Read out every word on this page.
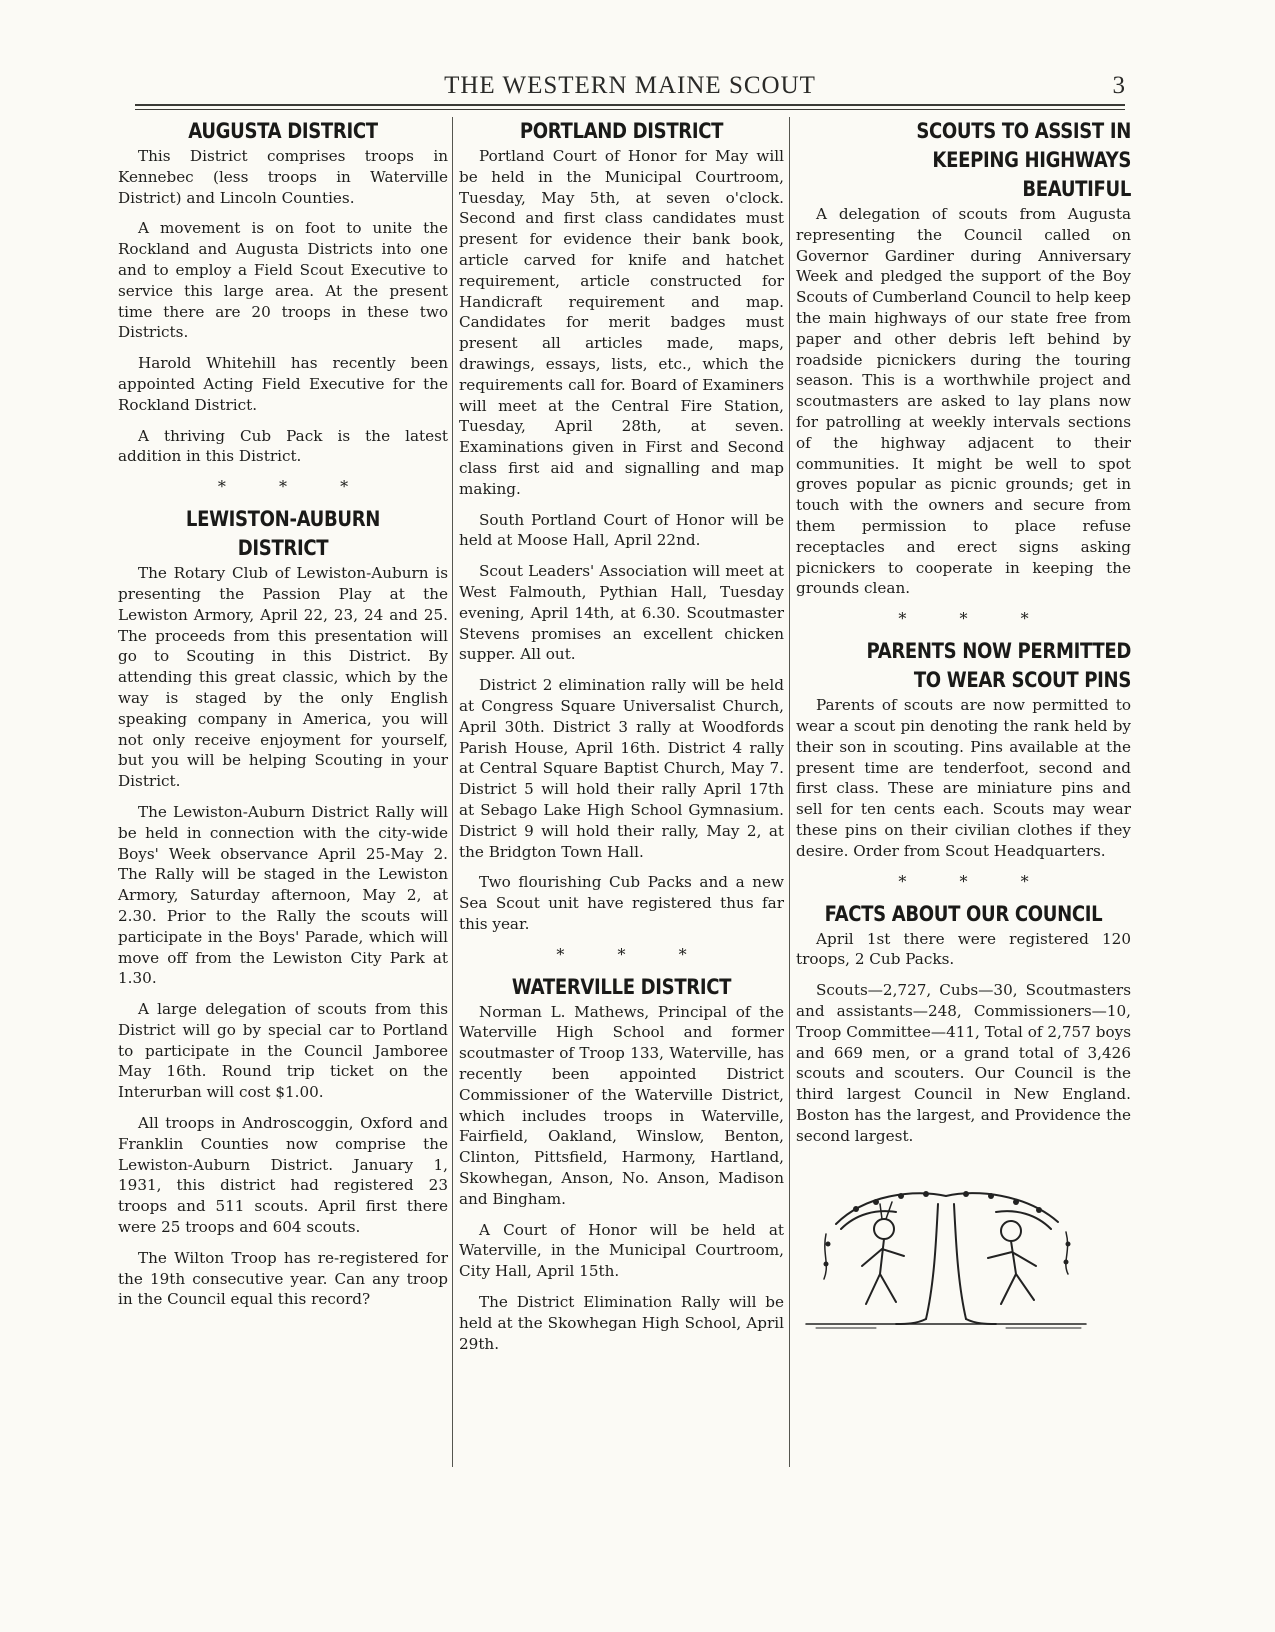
THE WESTERN MAINE SCOUT	3
AUGUSTA DISTRICT

This District comprises troops in Kennebec (less troops in Waterville District) and Lincoln Counties.

A movement is on foot to unite the Rockland and Augusta Districts into one and to employ a Field Scout Executive to service this large area. At the present time there are 20 troops in these two Districts.

Harold Whitehill has recently been appointed Acting Field Executive for the Rockland District.

A thriving Cub Pack is the latest addition in this District.

* * *
LEWISTON-AUBURN DISTRICT

The Rotary Club of Lewiston-Auburn is presenting the Passion Play at the Lewiston Armory, April 22, 23, 24 and 25. The proceeds from this presentation will go to Scouting in this District. By attending this great classic, which by the way is staged by the only English speaking company in America, you will not only receive enjoyment for yourself, but you will be helping Scouting in your District.

The Lewiston-Auburn District Rally will be held in connection with the city-wide Boys' Week observance April 25-May 2. The Rally will be staged in the Lewiston Armory, Saturday afternoon, May 2, at 2.30. Prior to the Rally the scouts will participate in the Boys' Parade, which will move off from the Lewiston City Park at 1.30.

A large delegation of scouts from this District will go by special car to Portland to participate in the Council Jamboree May 16th. Round trip ticket on the Interurban will cost $1.00.

All troops in Androscoggin, Oxford and Franklin Counties now comprise the Lewiston-Auburn District. January 1, 1931, this district had registered 23 troops and 511 scouts. April first there were 25 troops and 604 scouts.

The Wilton Troop has re-registered for the 19th consecutive year. Can any troop in the Council equal this record?

PORTLAND DISTRICT

Portland Court of Honor for May will be held in the Municipal Courtroom, Tuesday, May 5th, at seven o'clock. Second and first class candidates must present for evidence their bank book, article carved for knife and hatchet requirement, article constructed for Handicraft requirement and map. Candidates for merit badges must present all articles made, maps, drawings, essays, lists, etc., which the requirements call for. Board of Examiners will meet at the Central Fire Station, Tuesday, April 28th, at seven. Examinations given in First and Second class first aid and signalling and map making.

South Portland Court of Honor will be held at Moose Hall, April 22nd.

Scout Leaders' Association will meet at West Falmouth, Pythian Hall, Tuesday evening, April 14th, at 6.30. Scoutmaster Stevens promises an excellent chicken supper. All out.

District 2 elimination rally will be held at Congress Square Universalist Church, April 30th. District 3 rally at Woodfords Parish House, April 16th. District 4 rally at Central Square Baptist Church, May 7. District 5 will hold their rally April 17th at Sebago Lake High School Gymnasium. District 9 will hold their rally, May 2, at the Bridgton Town Hall.

Two flourishing Cub Packs and a new Sea Scout unit have registered thus far this year.

* * *
WATERVILLE DISTRICT

Norman L. Mathews, Principal of the Waterville High School and former scoutmaster of Troop 133, Waterville, has recently been appointed District Commissioner of the Waterville District, which includes troops in Waterville, Fairfield, Oakland, Winslow, Benton, Clinton, Pittsfield, Harmony, Hartland, Skowhegan, Anson, No. Anson, Madison and Bingham.

A Court of Honor will be held at Waterville, in the Municipal Courtroom, City Hall, April 15th.

The District Elimination Rally will be held at the Skowhegan High School, April 29th.

SCOUTS TO ASSIST IN KEEPING HIGHWAYS BEAUTIFUL

A delegation of scouts from Augusta representing the Council called on Governor Gardiner during Anniversary Week and pledged the support of the Boy Scouts of Cumberland Council to help keep the main highways of our state free from paper and other debris left behind by roadside picnickers during the touring season. This is a worthwhile project and scoutmasters are asked to lay plans now for patrolling at weekly intervals sections of the highway adjacent to their communities. It might be well to spot groves popular as picnic grounds; get in touch with the owners and secure from them permission to place refuse receptacles and erect signs asking picnickers to cooperate in keeping the grounds clean.

* * *
PARENTS NOW PERMITTED TO WEAR SCOUT PINS

Parents of scouts are now permitted to wear a scout pin denoting the rank held by their son in scouting. Pins available at the present time are tenderfoot, second and first class. These are miniature pins and sell for ten cents each. Scouts may wear these pins on their civilian clothes if they desire. Order from Scout Headquarters.

* * *
FACTS ABOUT OUR COUNCIL

April 1st there were registered 120 troops, 2 Cub Packs.

Scouts—2,727, Cubs—30, Scoutmasters and assistants—248, Commissioners—10, Troop Committee—411, Total of 2,757 boys and 669 men, or a grand total of 3,426 scouts and scouters. Our Council is the third largest Council in New England. Boston has the largest, and Providence the second largest.
